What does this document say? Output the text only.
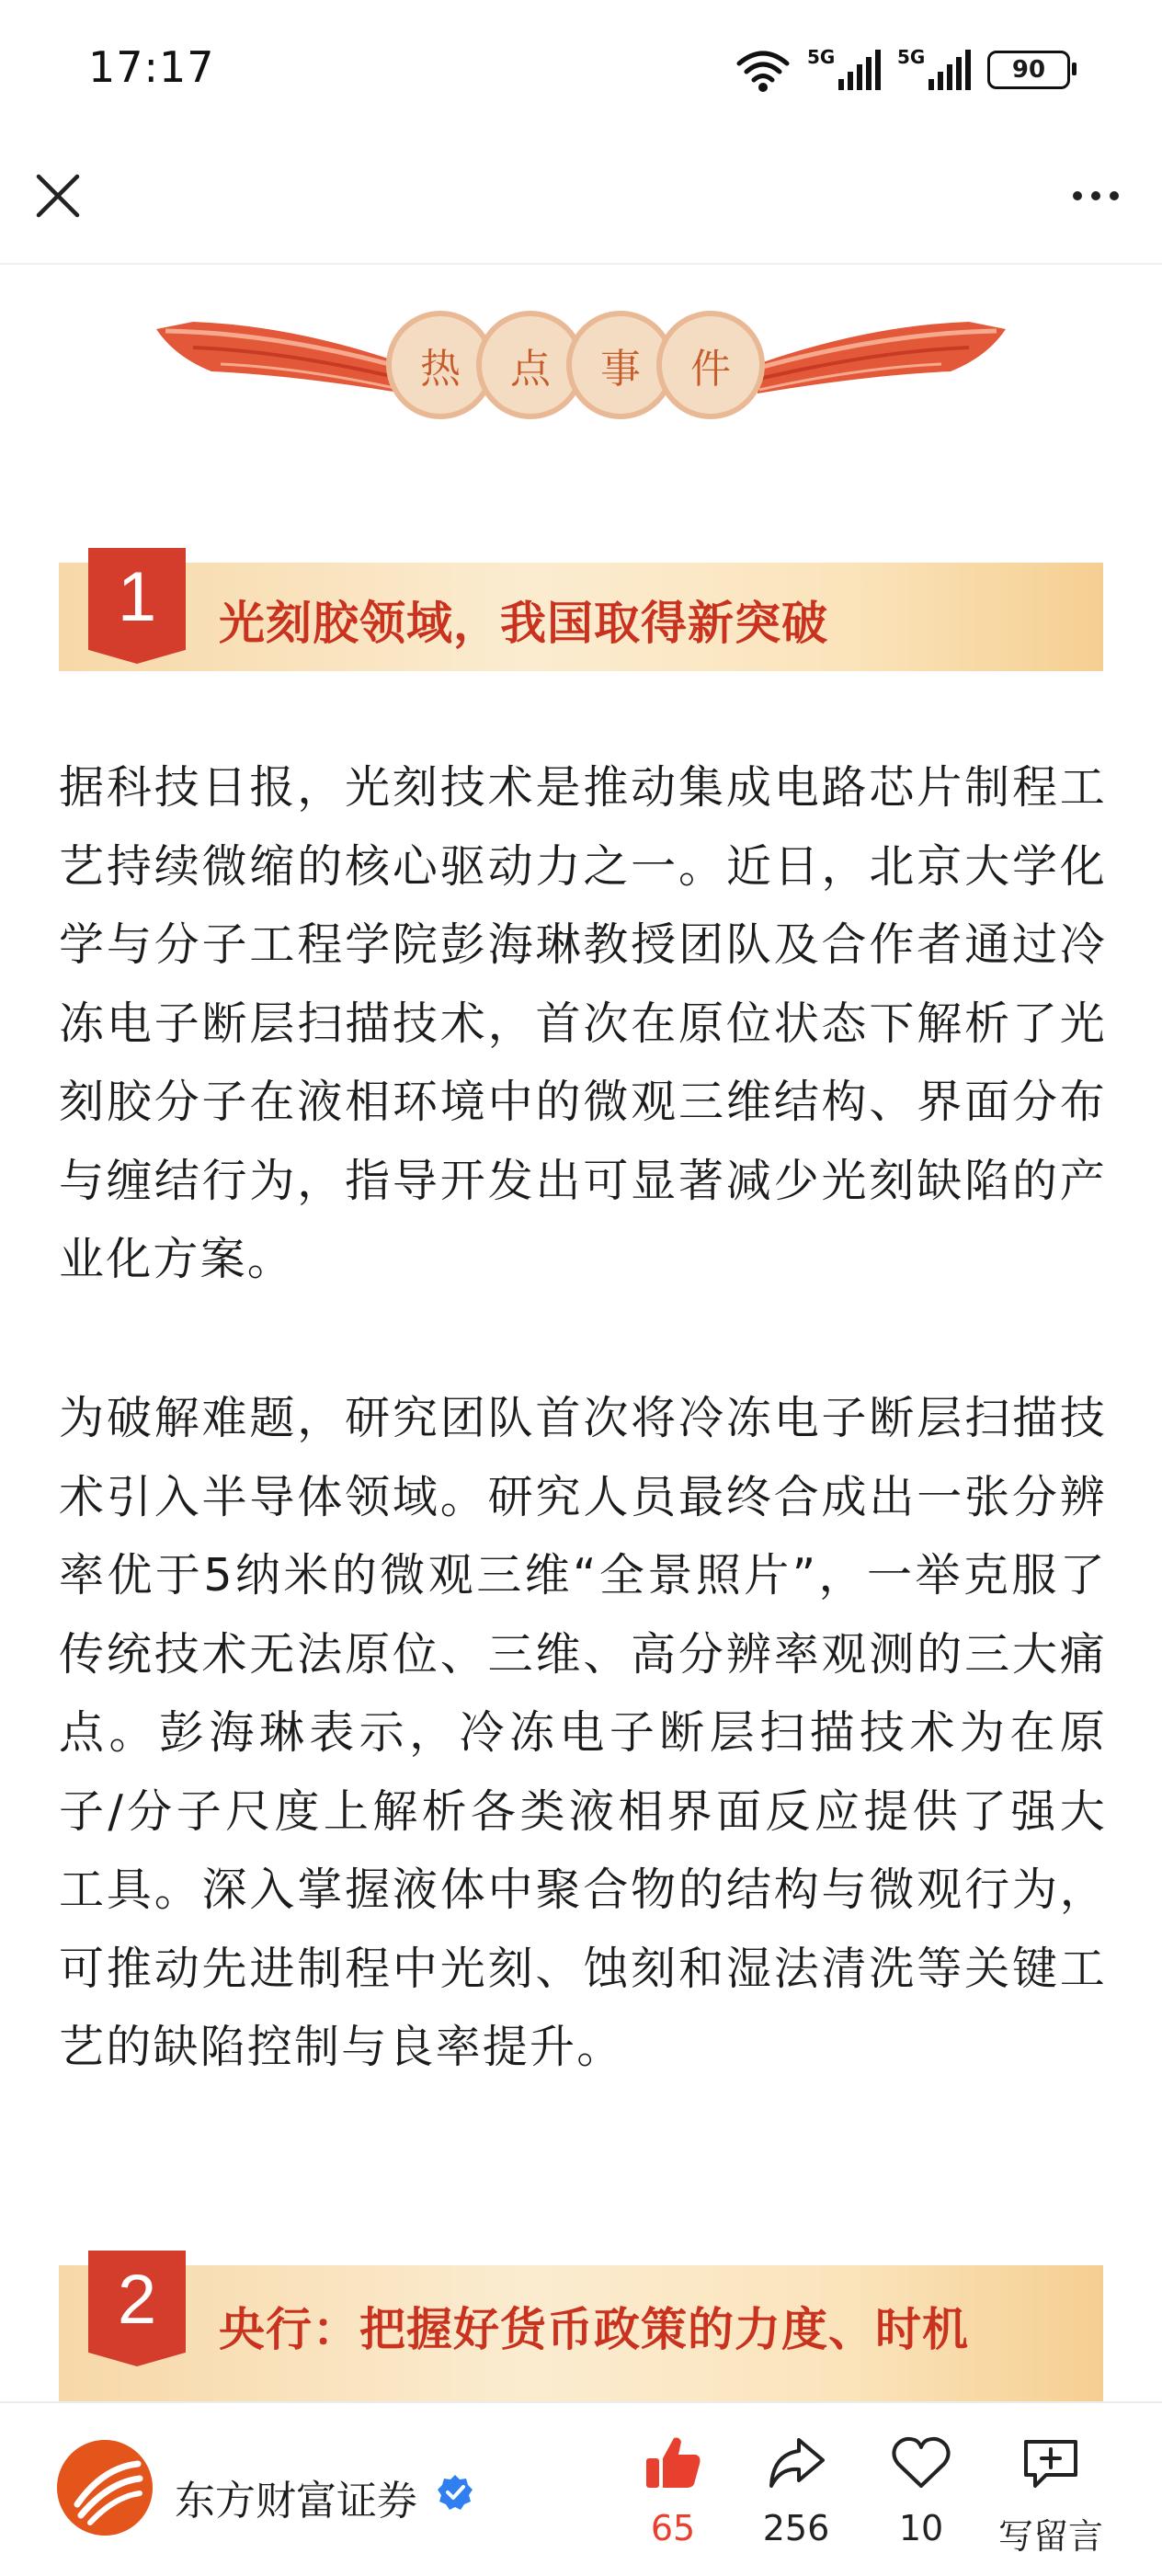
17:17	5G	5G	90
热	点	事	件
1	光刻胶领域，我国取得新突破

据科技日报，光刻技术是推动集成电路芯片制程工艺持续微缩的核心驱动力之一。近日，北京大学化学与分子工程学院彭海琳教授团队及合作者通过冷冻电子断层扫描技术，首次在原位状态下解析了光刻胶分子在液相环境中的微观三维结构、界面分布与缠结行为，指导开发出可显著减少光刻缺陷的产业化方案。

为破解难题，研究团队首次将冷冻电子断层扫描技术引入半导体领域。研究人员最终合成出一张分辨率优于5纳米的微观三维“全景照片”，一举克服了传统技术无法原位、三维、高分辨率观测的三大痛点。彭海琳表示，冷冻电子断层扫描技术为在原子/分子尺度上解析各类液相界面反应提供了强大工具。深入掌握液体中聚合物的结构与微观行为，可推动先进制程中光刻、蚀刻和湿法清洗等关键工艺的缺陷控制与良率提升。

2	央行：把握好货币政策的力度、时机
东方财富证券
65	256	10	写留言
